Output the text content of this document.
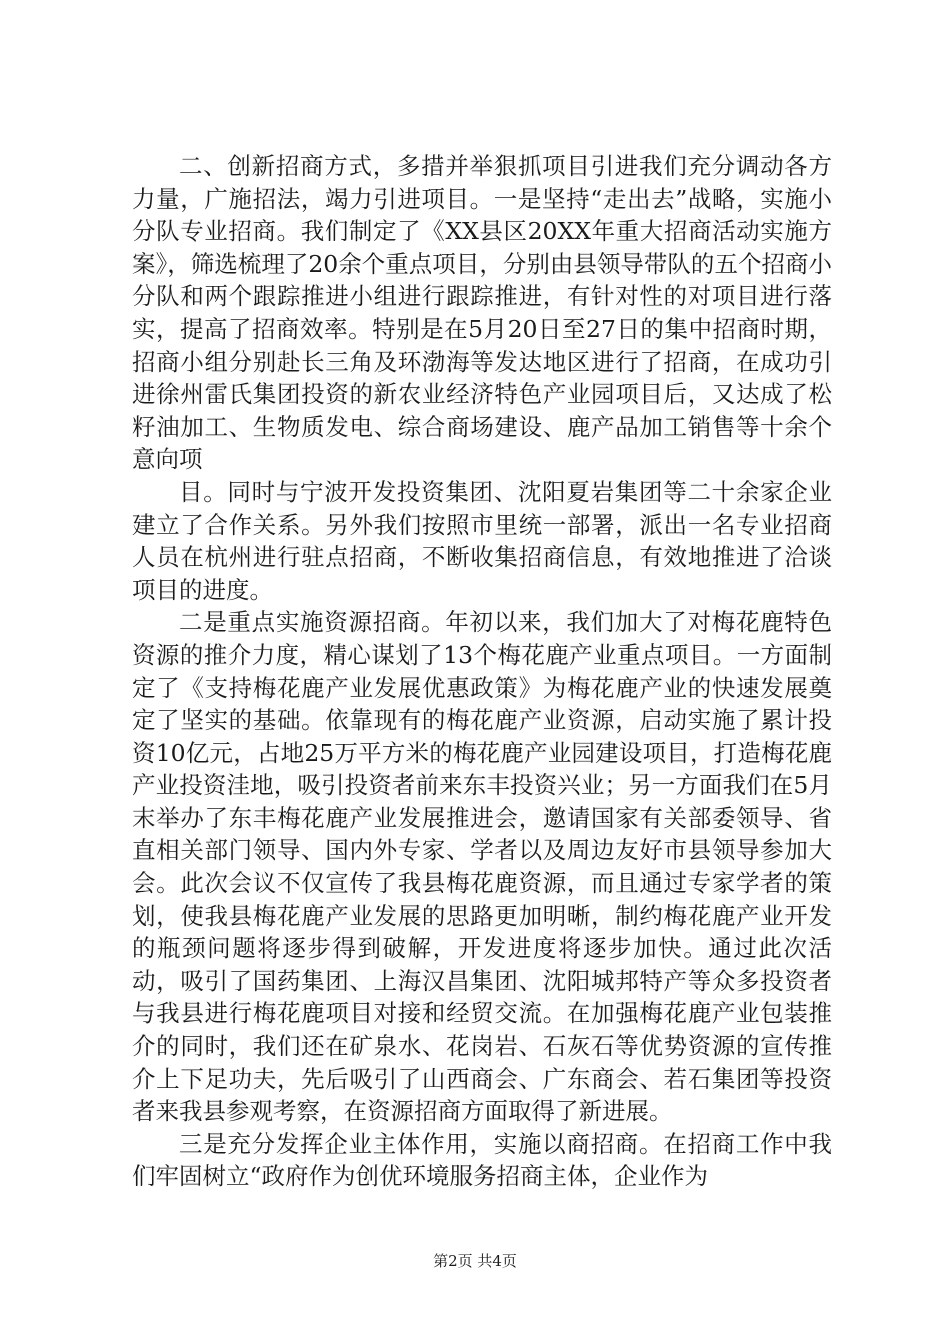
二、创新招商方式，多措并举狠抓项目引进我们充分调动各方力量，广施招法，竭力引进项目。一是坚持“走出去”战略，实施小分队专业招商。我们制定了《XX县区20XX年重大招商活动实施方案》，筛选梳理了20余个重点项目，分别由县领导带队的五个招商小分队和两个跟踪推进小组进行跟踪推进，有针对性的对项目进行落实，提高了招商效率。特别是在5月20日至27日的集中招商时期，招商小组分别赴长三角及环渤海等发达地区进行了招商，在成功引进徐州雷氏集团投资的新农业经济特色产业园项目后，又达成了松籽油加工、生物质发电、综合商场建设、鹿产品加工销售等十余个意向项

目。同时与宁波开发投资集团、沈阳夏岩集团等二十余家企业建立了合作关系。另外我们按照市里统一部署，派出一名专业招商人员在杭州进行驻点招商，不断收集招商信息，有效地推进了洽谈项目的进度。

二是重点实施资源招商。年初以来，我们加大了对梅花鹿特色资源的推介力度，精心谋划了13个梅花鹿产业重点项目。一方面制定了《支持梅花鹿产业发展优惠政策》为梅花鹿产业的快速发展奠定了坚实的基础。依靠现有的梅花鹿产业资源，启动实施了累计投资10亿元，占地25万平方米的梅花鹿产业园建设项目，打造梅花鹿产业投资洼地，吸引投资者前来东丰投资兴业；另一方面我们在5月末举办了东丰梅花鹿产业发展推进会，邀请国家有关部委领导、省直相关部门领导、国内外专家、学者以及周边友好市县领导参加大会。此次会议不仅宣传了我县梅花鹿资源，而且通过专家学者的策划，使我县梅花鹿产业发展的思路更加明晰，制约梅花鹿产业开发的瓶颈问题将逐步得到破解，开发进度将逐步加快。通过此次活动，吸引了国药集团、上海汉昌集团、沈阳城邦特产等众多投资者与我县进行梅花鹿项目对接和经贸交流。在加强梅花鹿产业包装推介的同时，我们还在矿泉水、花岗岩、石灰石等优势资源的宣传推介上下足功夫，先后吸引了山西商会、广东商会、若石集团等投资者来我县参观考察，在资源招商方面取得了新进展。

三是充分发挥企业主体作用，实施以商招商。在招商工作中我们牢固树立“政府作为创优环境服务招商主体，企业作为

第2页 共4页
